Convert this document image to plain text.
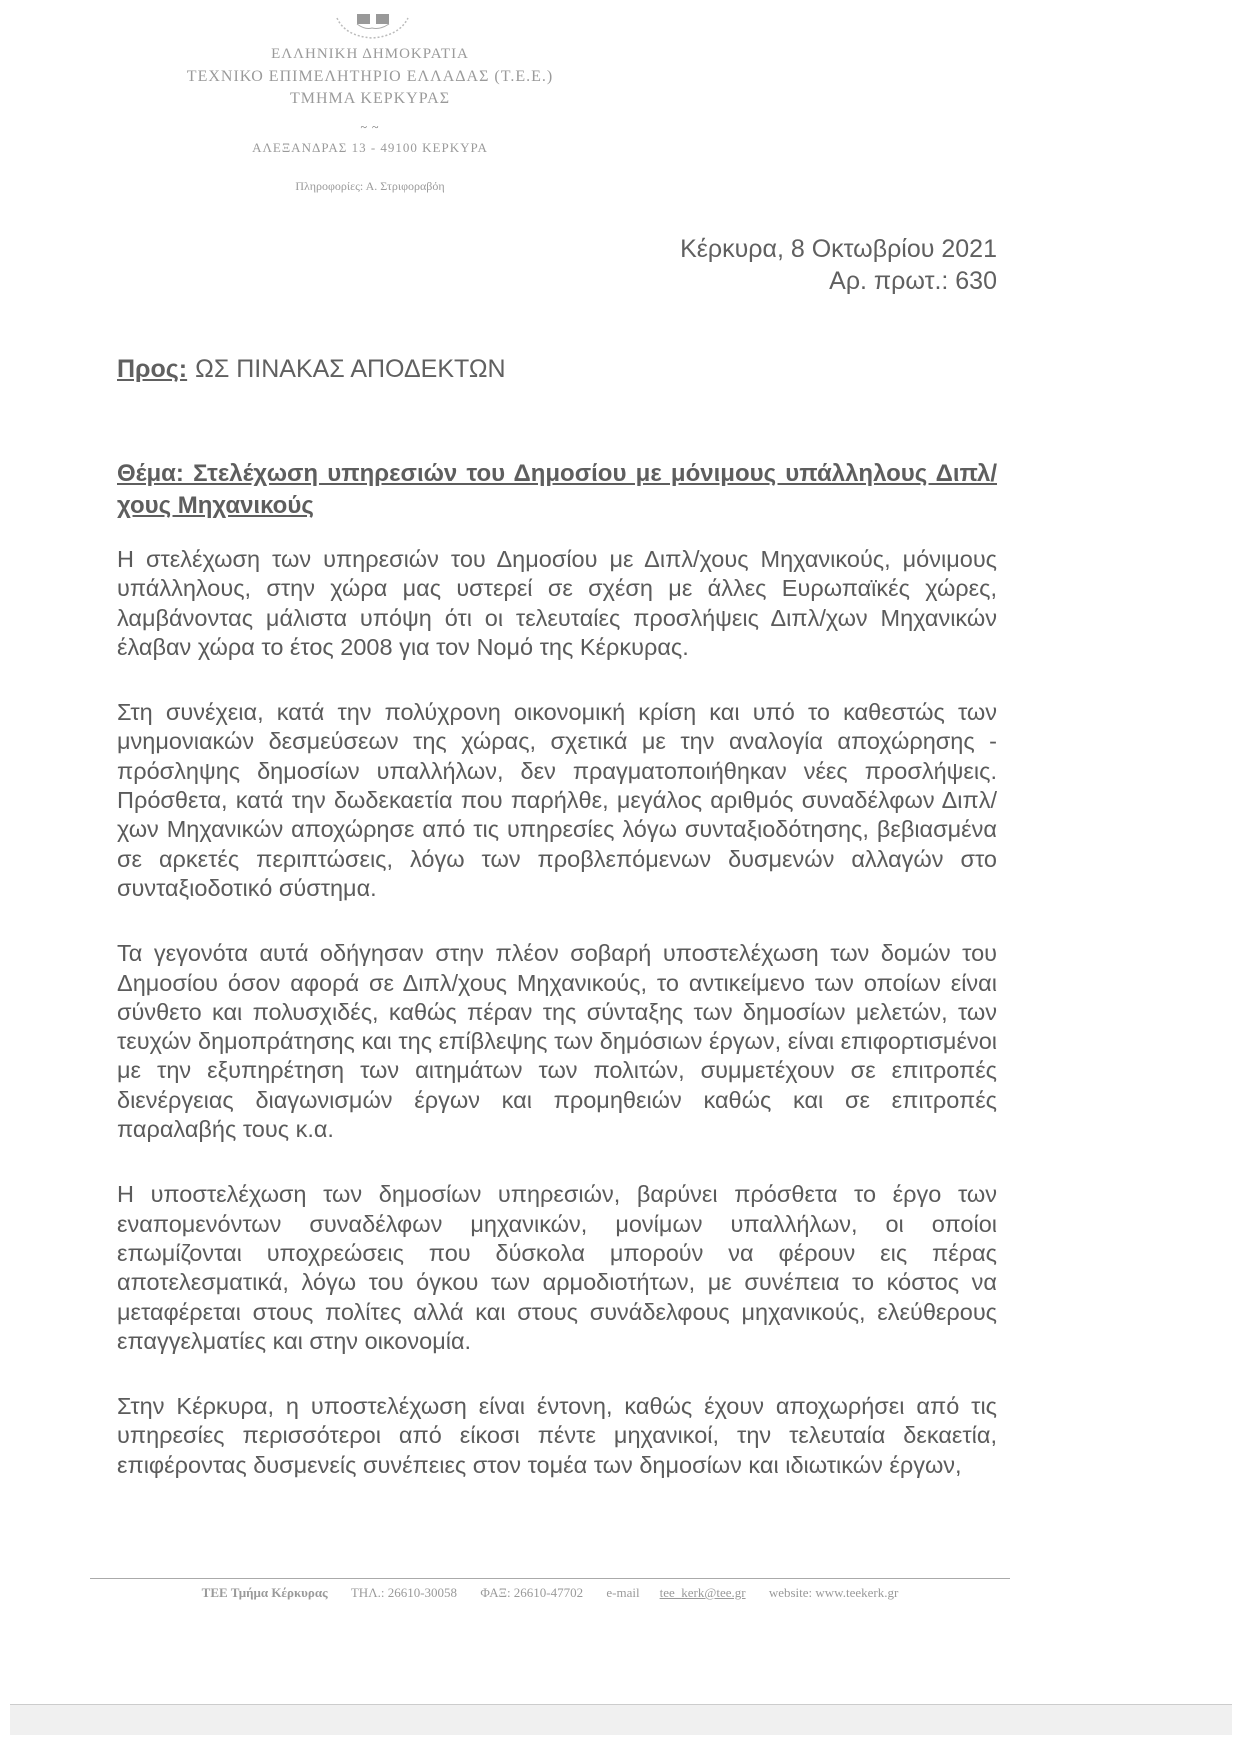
ΕΛΛΗΝΙΚΗ ΔΗΜΟΚΡΑΤΙΑ
ΤΕΧΝΙΚΟ ΕΠΙΜΕΛΗΤΗΡΙΟ ΕΛΛΑΔΑΣ (Τ.Ε.Ε.)
ΤΜΗΜΑ ΚΕΡΚΥΡΑΣ
~ ~
ΑΛΕΞΑΝΔΡΑΣ 13 - 49100 ΚΕΡΚΥΡΑ
Πληροφορίες: Α. Στριφοραβόη
Κέρκυρα, 8 Οκτωβρίου 2021
Αρ. πρωτ.: 630
Προς: ΩΣ ΠΙΝΑΚΑΣ ΑΠΟΔΕΚΤΩΝ
Θέμα: Στελέχωση υπηρεσιών του Δημοσίου με μόνιμους υπάλληλους Διπλ/χους Μηχανικούς

Η στελέχωση των υπηρεσιών του Δημοσίου με Διπλ/χους Μηχανικούς, μόνιμους υπάλληλους, στην χώρα μας υστερεί σε σχέση με άλλες Ευρωπαϊκές χώρες, λαμβάνοντας μάλιστα υπόψη ότι οι τελευταίες προσλήψεις Διπλ/χων Μηχανικών έλαβαν χώρα το έτος 2008 για τον Νομό της Κέρκυρας.

Στη συνέχεια, κατά την πολύχρονη οικονομική κρίση και υπό το καθεστώς των μνημονιακών δεσμεύσεων της χώρας, σχετικά με την αναλογία αποχώρησης - πρόσληψης δημοσίων υπαλλήλων, δεν πραγματοποιήθηκαν νέες προσλήψεις. Πρόσθετα, κατά την δωδεκαετία που παρήλθε, μεγάλος αριθμός συναδέλφων Διπλ/χων Μηχανικών αποχώρησε από τις υπηρεσίες λόγω συνταξιοδότησης, βεβιασμένα σε αρκετές περιπτώσεις, λόγω των προβλεπόμενων δυσμενών αλλαγών στο συνταξιοδοτικό σύστημα.

Τα γεγονότα αυτά οδήγησαν στην πλέον σοβαρή υποστελέχωση των δομών του Δημοσίου όσον αφορά σε Διπλ/χους Μηχανικούς, το αντικείμενο των οποίων είναι σύνθετο και πολυσχιδές, καθώς πέραν της σύνταξης των δημοσίων μελετών, των τευχών δημοπράτησης και της επίβλεψης των δημόσιων έργων, είναι επιφορτισμένοι με την εξυπηρέτηση των αιτημάτων των πολιτών, συμμετέχουν σε επιτροπές διενέργειας διαγωνισμών έργων και προμηθειών καθώς και σε επιτροπές παραλαβής τους κ.α.

Η υποστελέχωση των δημοσίων υπηρεσιών, βαρύνει πρόσθετα το έργο των εναπομενόντων συναδέλφων μηχανικών, μονίμων υπαλλήλων, οι οποίοι επωμίζονται υποχρεώσεις που δύσκολα μπορούν να φέρουν εις πέρας αποτελεσματικά, λόγω του όγκου των αρμοδιοτήτων, με συνέπεια το κόστος να μεταφέρεται στους πολίτες αλλά και στους συνάδελφους μηχανικούς, ελεύθερους επαγγελματίες και στην οικονομία.

Στην Κέρκυρα, η υποστελέχωση είναι έντονη, καθώς έχουν αποχωρήσει από τις υπηρεσίες περισσότεροι από είκοσι πέντε μηχανικοί, την τελευταία δεκαετία, επιφέροντας δυσμενείς συνέπειες στον τομέα των δημοσίων και ιδιωτικών έργων,

ΤΕΕ Τμήμα Κέρκυρας ΤΗΛ.: 26610-30058 ΦΑΞ: 26610-47702 e-mail tee_kerk@tee.gr website: www.teekerk.gr
